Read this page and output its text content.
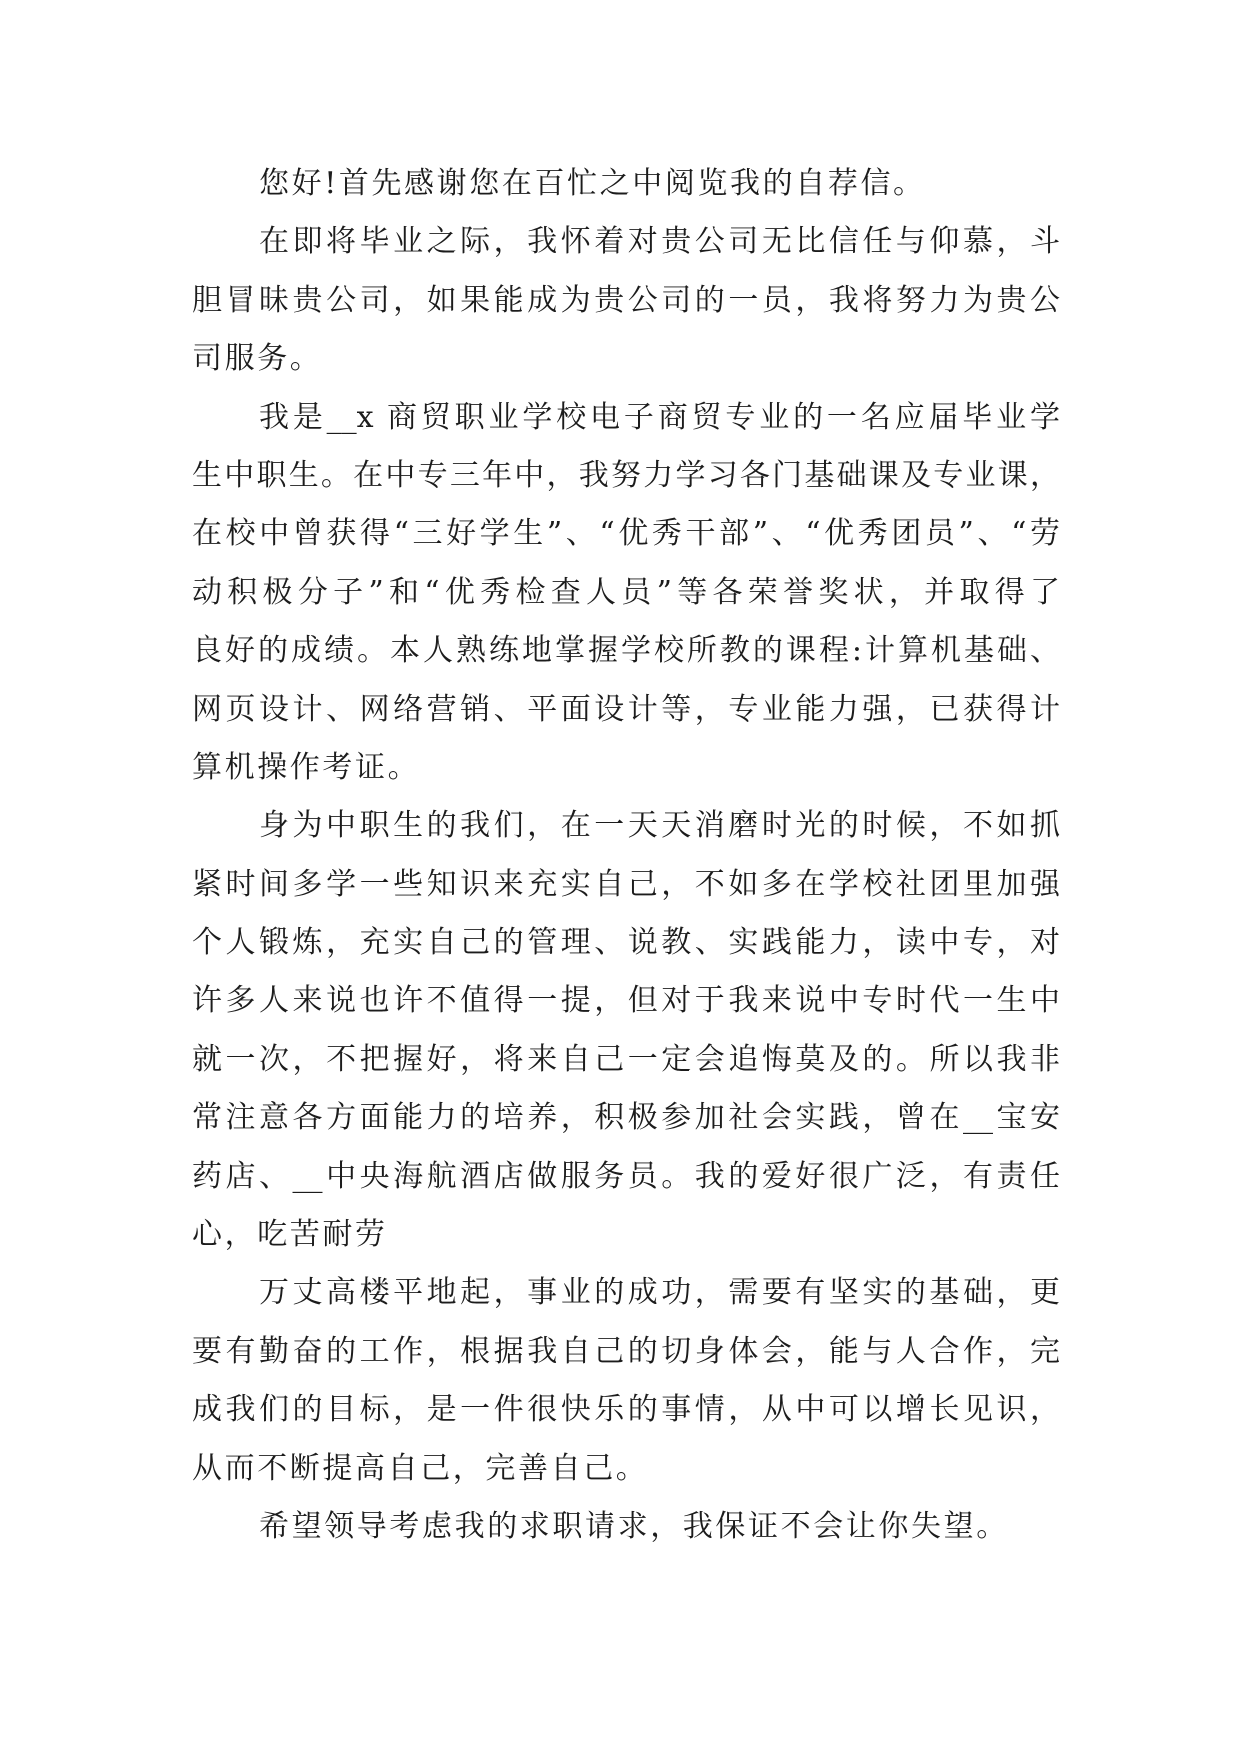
您好!首先感谢您在百忙之中阅览我的自荐信。
在即将毕业之际，我怀着对贵公司无比信任与仰慕，斗
胆冒昧贵公司，如果能成为贵公司的一员，我将努力为贵公
司服务。
我是__x 商贸职业学校电子商贸专业的一名应届毕业学
生中职生。在中专三年中，我努力学习各门基础课及专业课，
在校中曾获得“三好学生”、“优秀干部”、“优秀团员”、“劳
动积极分子”和“优秀检查人员”等各荣誉奖状，并取得了
良好的成绩。本人熟练地掌握学校所教的课程:计算机基础、
网页设计、网络营销、平面设计等，专业能力强，已获得计
算机操作考证。
身为中职生的我们，在一天天消磨时光的时候，不如抓
紧时间多学一些知识来充实自己，不如多在学校社团里加强
个人锻炼，充实自己的管理、说教、实践能力，读中专，对
许多人来说也许不值得一提，但对于我来说中专时代一生中
就一次，不把握好，将来自己一定会追悔莫及的。所以我非
常注意各方面能力的培养，积极参加社会实践，曾在__宝安
药店、__中央海航酒店做服务员。我的爱好很广泛，有责任
心，吃苦耐劳
万丈高楼平地起，事业的成功，需要有坚实的基础，更
要有勤奋的工作，根据我自己的切身体会，能与人合作，完
成我们的目标，是一件很快乐的事情，从中可以增长见识，
从而不断提高自己，完善自己。
希望领导考虑我的求职请求，我保证不会让你失望。
